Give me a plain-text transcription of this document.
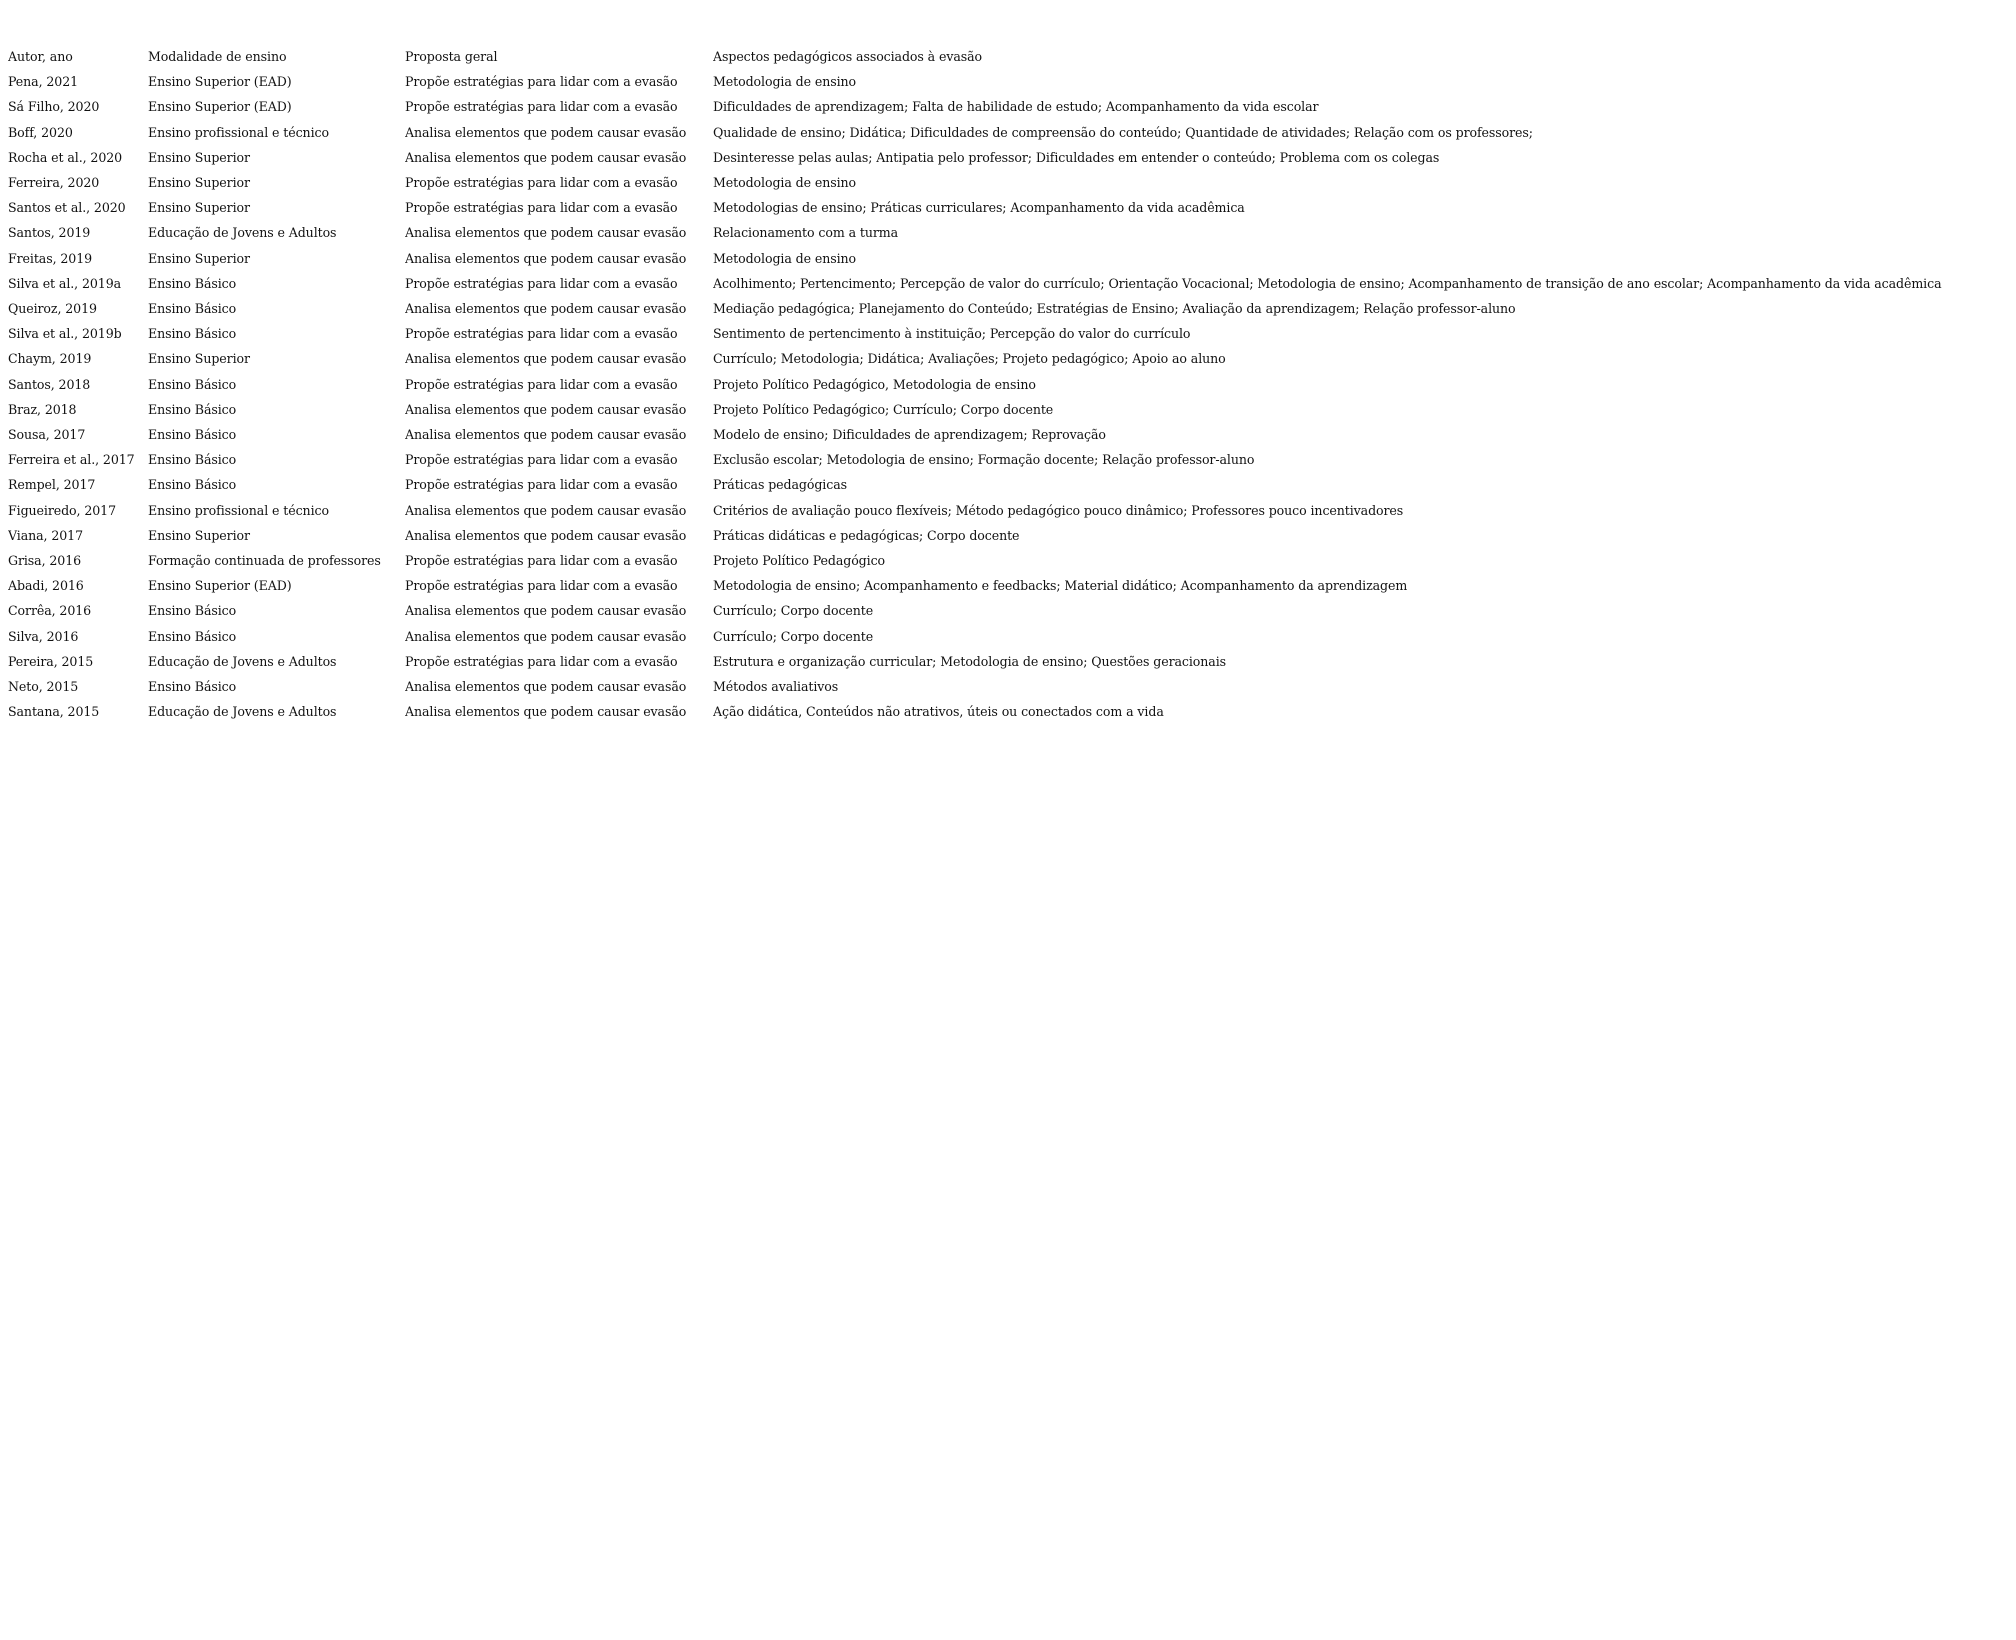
Autor, ano	Modalidade de ensino	Proposta geral	Aspectos pedagógicos associados à evasão
Pena, 2021	Ensino Superior (EAD)	Propõe estratégias para lidar com a evasão	Metodologia de ensino
Sá Filho, 2020	Ensino Superior (EAD)	Propõe estratégias para lidar com a evasão	Dificuldades de aprendizagem; Falta de habilidade de estudo; Acompanhamento da vida escolar
Boff, 2020	Ensino profissional e técnico	Analisa elementos que podem causar evasão	Qualidade de ensino; Didática; Dificuldades de compreensão do conteúdo; Quantidade de atividades; Relação com os professores;
Rocha et al., 2020	Ensino Superior	Analisa elementos que podem causar evasão	Desinteresse pelas aulas; Antipatia pelo professor; Dificuldades em entender o conteúdo; Problema com os colegas
Ferreira, 2020	Ensino Superior	Propõe estratégias para lidar com a evasão	Metodologia de ensino
Santos et al., 2020	Ensino Superior	Propõe estratégias para lidar com a evasão	Metodologias de ensino; Práticas curriculares; Acompanhamento da vida acadêmica
Santos, 2019	Educação de Jovens e Adultos	Analisa elementos que podem causar evasão	Relacionamento com a turma
Freitas, 2019	Ensino Superior	Analisa elementos que podem causar evasão	Metodologia de ensino
Silva et al., 2019a	Ensino Básico	Propõe estratégias para lidar com a evasão	Acolhimento; Pertencimento; Percepção de valor do currículo; Orientação Vocacional; Metodologia de ensino; Acompanhamento de transição de ano escolar; Acompanhamento da vida acadêmica
Queiroz, 2019	Ensino Básico	Analisa elementos que podem causar evasão	Mediação pedagógica; Planejamento do Conteúdo; Estratégias de Ensino; Avaliação da aprendizagem; Relação professor-aluno
Silva et al., 2019b	Ensino Básico	Propõe estratégias para lidar com a evasão	Sentimento de pertencimento à instituição; Percepção do valor do currículo
Chaym, 2019	Ensino Superior	Analisa elementos que podem causar evasão	Currículo; Metodologia; Didática; Avaliações; Projeto pedagógico; Apoio ao aluno
Santos, 2018	Ensino Básico	Propõe estratégias para lidar com a evasão	Projeto Político Pedagógico, Metodologia de ensino
Braz, 2018	Ensino Básico	Analisa elementos que podem causar evasão	Projeto Político Pedagógico; Currículo; Corpo docente
Sousa, 2017	Ensino Básico	Analisa elementos que podem causar evasão	Modelo de ensino; Dificuldades de aprendizagem; Reprovação
Ferreira et al., 2017	Ensino Básico	Propõe estratégias para lidar com a evasão	Exclusão escolar; Metodologia de ensino; Formação docente; Relação professor-aluno
Rempel, 2017	Ensino Básico	Propõe estratégias para lidar com a evasão	Práticas pedagógicas
Figueiredo, 2017	Ensino profissional e técnico	Analisa elementos que podem causar evasão	Critérios de avaliação pouco flexíveis; Método pedagógico pouco dinâmico; Professores pouco incentivadores
Viana, 2017	Ensino Superior	Analisa elementos que podem causar evasão	Práticas didáticas e pedagógicas; Corpo docente
Grisa, 2016	Formação continuada de professores	Propõe estratégias para lidar com a evasão	Projeto Político Pedagógico
Abadi, 2016	Ensino Superior (EAD)	Propõe estratégias para lidar com a evasão	Metodologia de ensino; Acompanhamento e feedbacks; Material didático; Acompanhamento da aprendizagem
Corrêa, 2016	Ensino Básico	Analisa elementos que podem causar evasão	Currículo; Corpo docente
Silva, 2016	Ensino Básico	Analisa elementos que podem causar evasão	Currículo; Corpo docente
Pereira, 2015	Educação de Jovens e Adultos	Propõe estratégias para lidar com a evasão	Estrutura e organização curricular; Metodologia de ensino; Questões geracionais
Neto, 2015	Ensino Básico	Analisa elementos que podem causar evasão	Métodos avaliativos
Santana, 2015	Educação de Jovens e Adultos	Analisa elementos que podem causar evasão	Ação didática, Conteúdos não atrativos, úteis ou conectados com a vida
